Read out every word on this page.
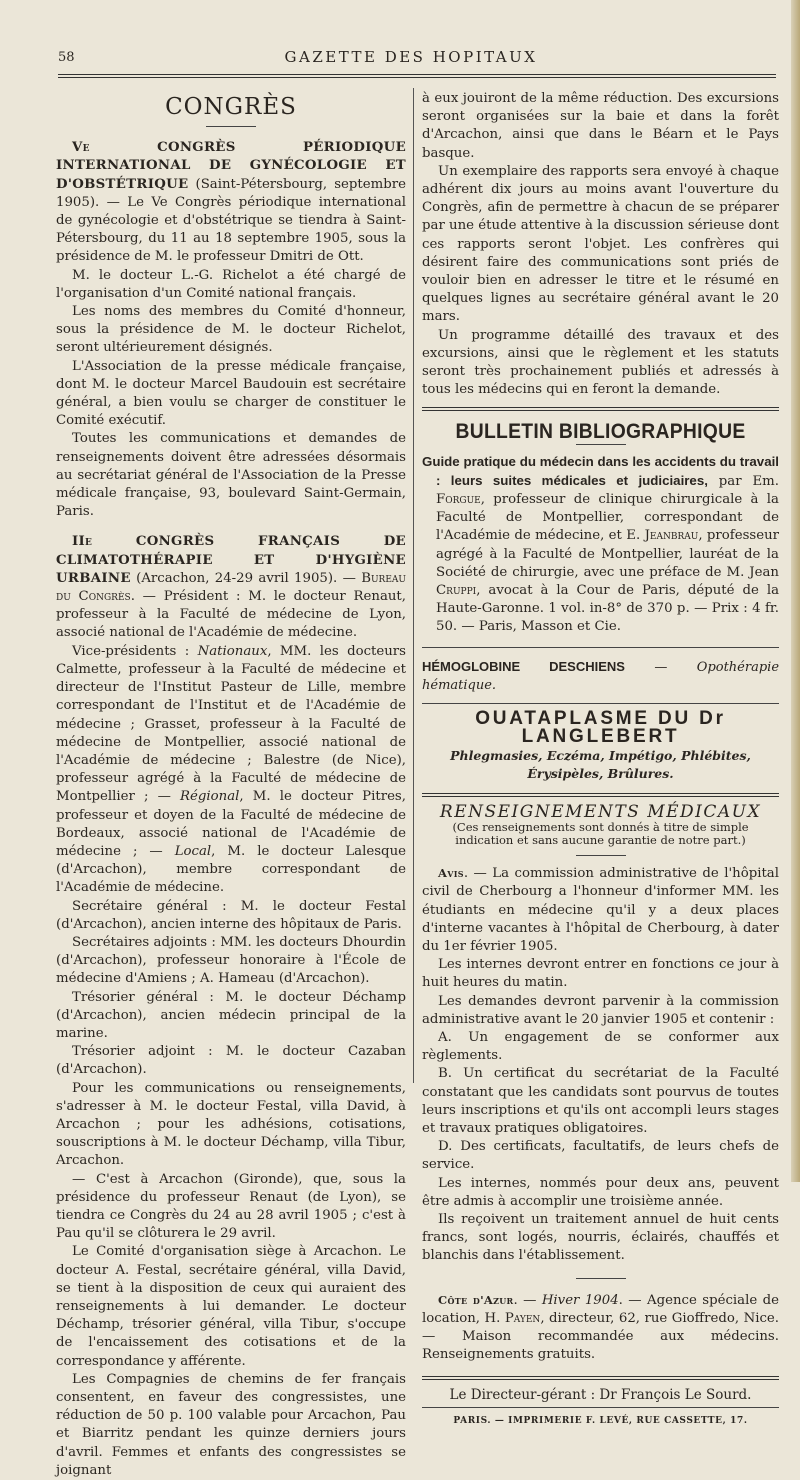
58	GAZETTE DES HOPITAUX
CONGRÈS

Ve CONGRÈS PÉRIODIQUE INTERNATIONAL DE GYNÉCOLOGIE ET D'OBSTÉTRIQUE (Saint-Pétersbourg, septembre 1905). — Le Ve Congrès périodique international de gynécologie et d'obstétrique se tiendra à Saint-Pétersbourg, du 11 au 18 septembre 1905, sous la présidence de M. le professeur Dmitri de Ott.

M. le docteur L.-G. Richelot a été chargé de l'organisation d'un Comité national français.

Les noms des membres du Comité d'honneur, sous la présidence de M. le docteur Richelot, seront ultérieurement désignés.

L'Association de la presse médicale française, dont M. le docteur Marcel Baudouin est secrétaire général, a bien voulu se charger de constituer le Comité exécutif.

Toutes les communications et demandes de renseignements doivent être adressées désormais au secrétariat général de l'Association de la Presse médicale française, 93, boulevard Saint-Germain, Paris.

IIe CONGRÈS FRANÇAIS DE CLIMATOTHÉRAPIE ET D'HYGIÈNE URBAINE (Arcachon, 24-29 avril 1905). — Bureau du Congrès. — Président : M. le docteur Renaut, professeur à la Faculté de médecine de Lyon, associé national de l'Académie de médecine.

Vice-présidents : Nationaux, MM. les docteurs Calmette, professeur à la Faculté de médecine et directeur de l'Institut Pasteur de Lille, membre correspondant de l'Institut et de l'Académie de médecine ; Grasset, professeur à la Faculté de médecine de Montpellier, associé national de l'Académie de médecine ; Balestre (de Nice), professeur agrégé à la Faculté de médecine de Montpellier ; — Régional, M. le docteur Pitres, professeur et doyen de la Faculté de médecine de Bordeaux, associé national de l'Académie de médecine ; — Local, M. le docteur Lalesque (d'Arcachon), membre correspondant de l'Académie de médecine.

Secrétaire général : M. le docteur Festal (d'Arcachon), ancien interne des hôpitaux de Paris.

Secrétaires adjoints : MM. les docteurs Dhourdin (d'Arcachon), professeur honoraire à l'École de médecine d'Amiens ; A. Hameau (d'Arcachon).

Trésorier général : M. le docteur Déchamp (d'Arcachon), ancien médecin principal de la marine.

Trésorier adjoint : M. le docteur Cazaban (d'Arcachon).

Pour les communications ou renseignements, s'adresser à M. le docteur Festal, villa David, à Arcachon ; pour les adhésions, cotisations, souscriptions à M. le docteur Déchamp, villa Tibur, Arcachon.

— C'est à Arcachon (Gironde), que, sous la présidence du professeur Renaut (de Lyon), se tiendra ce Congrès du 24 au 28 avril 1905 ; c'est à Pau qu'il se clôturera le 29 avril.

Le Comité d'organisation siège à Arcachon. Le docteur A. Festal, secrétaire général, villa David, se tient à la disposition de ceux qui auraient des renseignements à lui demander. Le docteur Déchamp, trésorier général, villa Tibur, s'occupe de l'encaissement des cotisations et de la correspondance y afférente.

Les Compagnies de chemins de fer français consentent, en faveur des congressistes, une réduction de 50 p. 100 valable pour Arcachon, Pau et Biarritz pendant les quinze derniers jours d'avril. Femmes et enfants des congressistes se joignant

à eux jouiront de la même réduction. Des excursions seront organisées sur la baie et dans la forêt d'Arcachon, ainsi que dans le Béarn et le Pays basque.

Un exemplaire des rapports sera envoyé à chaque adhérent dix jours au moins avant l'ouverture du Congrès, afin de permettre à chacun de se préparer par une étude attentive à la discussion sérieuse dont ces rapports seront l'objet. Les confrères qui désirent faire des communications sont priés de vouloir bien en adresser le titre et le résumé en quelques lignes au secrétaire général avant le 20 mars.

Un programme détaillé des travaux et des excursions, ainsi que le règlement et les statuts seront très prochainement publiés et adressés à tous les médecins qui en feront la demande.

BULLETIN BIBLIOGRAPHIQUE

Guide pratique du médecin dans les accidents du travail : leurs suites médicales et judiciaires, par Em. Forgue, professeur de clinique chirurgicale à la Faculté de Montpellier, correspondant de l'Académie de médecine, et E. Jeanbrau, professeur agrégé à la Faculté de Montpellier, lauréat de la Société de chirurgie, avec une préface de M. Jean Cruppi, avocat à la Cour de Paris, député de la Haute-Garonne. 1 vol. in-8° de 370 p. — Prix : 4 fr. 50. — Paris, Masson et Cie.

HÉMOGLOBINE DESCHIENS — Opothérapie hématique.
OUATAPLASME DU Dr LANGLEBERT
Phlegmasies, Eczéma, Impétigo, Phlébites, Érysipèles, Brûlures.
RENSEIGNEMENTS MÉDICAUX
(Ces renseignements sont donnés à titre de simple indication et sans aucune garantie de notre part.)

Avis. — La commission administrative de l'hôpital civil de Cherbourg a l'honneur d'informer MM. les étudiants en médecine qu'il y a deux places d'interne vacantes à l'hôpital de Cherbourg, à dater du 1er février 1905.

Les internes devront entrer en fonctions ce jour à huit heures du matin.

Les demandes devront parvenir à la commission administrative avant le 20 janvier 1905 et contenir :

A. Un engagement de se conformer aux règlements.

B. Un certificat du secrétariat de la Faculté constatant que les candidats sont pourvus de toutes leurs inscriptions et qu'ils ont accompli leurs stages et travaux pratiques obligatoires.

D. Des certificats, facultatifs, de leurs chefs de service.

Les internes, nommés pour deux ans, peuvent être admis à accomplir une troisième année.

Ils reçoivent un traitement annuel de huit cents francs, sont logés, nourris, éclairés, chauffés et blanchis dans l'établissement.

Côte d'Azur. — Hiver 1904. — Agence spéciale de location, H. Payen, directeur, 62, rue Gioffredo, Nice. — Maison recommandée aux médecins. Renseignements gratuits.

Le Directeur-gérant : Dr François Le Sourd.
PARIS. — IMPRIMERIE F. LEVÉ, RUE CASSETTE, 17.
